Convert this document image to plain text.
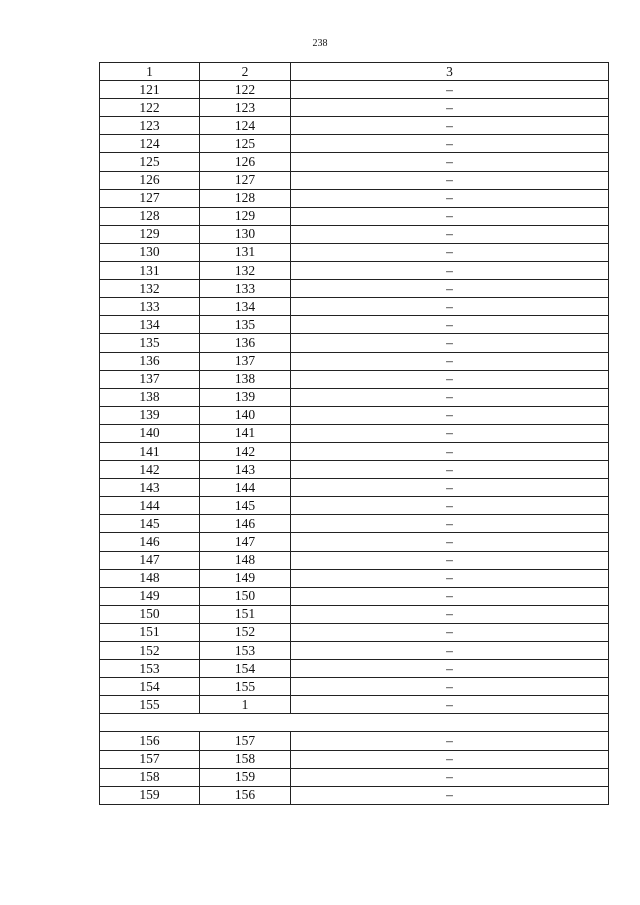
238
1	2	3
121	122	–
122	123	–
123	124	–
124	125	–
125	126	–
126	127	–
127	128	–
128	129	–
129	130	–
130	131	–
131	132	–
132	133	–
133	134	–
134	135	–
135	136	–
136	137	–
137	138	–
138	139	–
139	140	–
140	141	–
141	142	–
142	143	–
143	144	–
144	145	–
145	146	–
146	147	–
147	148	–
148	149	–
149	150	–
150	151	–
151	152	–
152	153	–
153	154	–
154	155	–
155	1	–

156	157	–
157	158	–
158	159	–
159	156	–
